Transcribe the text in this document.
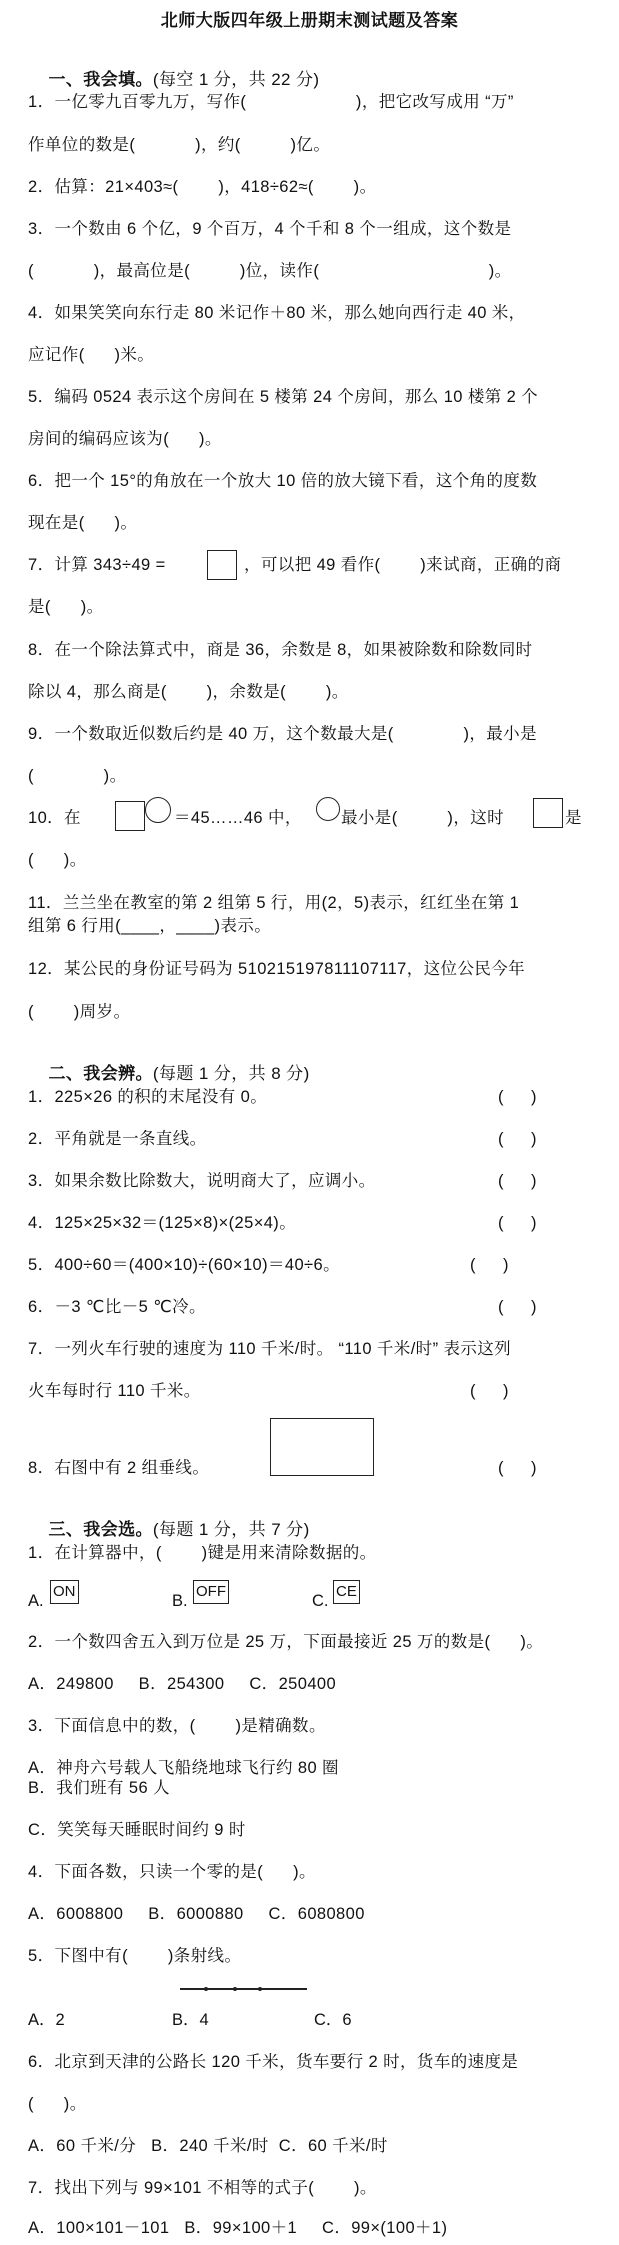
北师大版四年级上册期末测试题及答案

一、我会填。(每空 1 分，共 22 分)

1．一亿零九百零九万，写作(                      )，把它改写成用 “万”
作单位的数是(            )，约(          )亿。
2．估算：21×403≈(        )，418÷62≈(        )。
3．一个数由 6 个亿，9 个百万，4 个千和 8 个一组成，这个数是
(            )，最高位是(          )位，读作(                                  )。
4．如果笑笑向东行走 80 米记作＋80 米，那么她向西行走 40 米，
应记作(      )米。
5．编码 0524 表示这个房间在 5 楼第 24 个房间，那么 10 楼第 2 个
房间的编码应该为(      )。
6．把一个 15°的角放在一个放大 10 倍的放大镜下看，这个角的度数
现在是(      )。
7．计算 343÷49 =	，可以把 49 看作(        )来试商，正确的商
是(      )。
8．在一个除法算式中，商是 36，余数是 8，如果被除数和除数同时
除以 4，那么商是(        )，余数是(        )。
9．一个数取近似数后约是 40 万，这个数最大是(              )，最小是
(              )。
10．在	＝45……46 中， 最小是(          )，这时	是
(      )。
11．兰兰坐在教室的第 2 组第 5 行，用(2，5)表示，红红坐在第 1
组第 6 行用(____，____)表示。
12．某公民的身份证号码为 510215197811107117，这位公民今年
(        )周岁。

二、我会辨。(每题 1 分，共 8 分)

1．225×26 的积的末尾没有 0。	(      )
2．平角就是一条直线。	(      )
3．如果余数比除数大，说明商大了，应调小。	(      )
4．125×25×32＝(125×8)×(25×4)。	(      )
5．400÷60＝(400×10)÷(60×10)＝40÷6。	(      )
6．－3 ℃比－5 ℃冷。	(      )
7．一列火车行驶的速度为 110 千米/时。 “110 千米/时” 表示这列
火车每时行 110 千米。	(      )
8．右图中有 2 组垂线。	(      )

三、我会选。(每题 1 分，共 7 分)

1．在计算器中，(        )键是用来清除数据的。
A.
ON
B.
OFF
C.
CE
2．一个数四舍五入到万位是 25 万，下面最接近 25 万的数是(      )。
A．249800     B．254300     C．250400
3．下面信息中的数，(        )是精确数。
A．神舟六号载人飞船绕地球飞行约 80 圈
B．我们班有 56 人
C．笑笑每天睡眠时间约 9 时
4．下面各数，只读一个零的是(      )。
A．6008800     B．6000880     C．6080800
5．下图中有(        )条射线。
A．2	B．4	C．6
6．北京到天津的公路长 120 千米，货车要行 2 时，货车的速度是
(      )。
A．60 千米/分   B．240 千米/时  C．60 千米/时
7．找出下列与 99×101 不相等的式子(        )。
A．100×101－101   B．99×100＋1     C．99×(100＋1)
